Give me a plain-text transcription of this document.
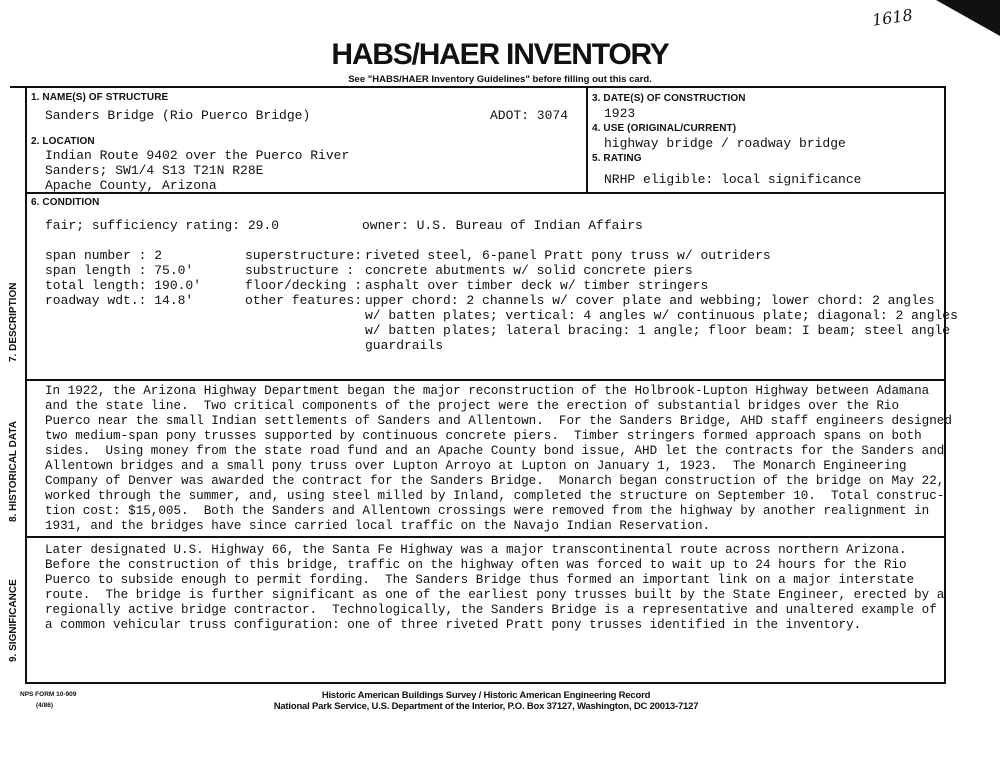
1618
HABS/HAER INVENTORY
See "HABS/HAER Inventory Guidelines" before filling out this card.
1. NAME(S) OF STRUCTURE
Sanders Bridge (Rio Puerco Bridge)	ADOT: 3074
2. LOCATION
Indian Route 9402 over the Puerco River
Sanders; SW1/4 S13 T21N R28E
Apache County, Arizona
3. DATE(S) OF CONSTRUCTION
1923
4. USE (ORIGINAL/CURRENT)
highway bridge / roadway bridge
5. RATING
NRHP eligible: local significance
6. CONDITION
fair; sufficiency rating: 29.0	owner: U.S. Bureau of Indian Affairs
7. DESCRIPTION
span number : 2
span length : 75.0'
total length: 190.0'
roadway wdt.: 14.8'
superstructure:
substructure :
floor/decking :
other features:
riveted steel, 6-panel Pratt pony truss w/ outriders
concrete abutments w/ solid concrete piers
asphalt over timber deck w/ timber stringers
upper chord: 2 channels w/ cover plate and webbing; lower chord: 2 angles
w/ batten plates; vertical: 4 angles w/ continuous plate; diagonal: 2 angles
w/ batten plates; lateral bracing: 1 angle; floor beam: I beam; steel angle
guardrails
8. HISTORICAL DATA
In 1922, the Arizona Highway Department began the major reconstruction of the Holbrook-Lupton Highway between Adamana
and the state line.  Two critical components of the project were the erection of substantial bridges over the Rio
Puerco near the small Indian settlements of Sanders and Allentown.  For the Sanders Bridge, AHD staff engineers designed
two medium-span pony trusses supported by continuous concrete piers.  Timber stringers formed approach spans on both
sides.  Using money from the state road fund and an Apache County bond issue, AHD let the contracts for the Sanders and
Allentown bridges and a small pony truss over Lupton Arroyo at Lupton on January 1, 1923.  The Monarch Engineering
Company of Denver was awarded the contract for the Sanders Bridge.  Monarch began construction of the bridge on May 22,
worked through the summer, and, using steel milled by Inland, completed the structure on September 10.  Total construc-
tion cost: $15,005.  Both the Sanders and Allentown crossings were removed from the highway by another realignment in
1931, and the bridges have since carried local traffic on the Navajo Indian Reservation.
9. SIGNIFICANCE
Later designated U.S. Highway 66, the Santa Fe Highway was a major transcontinental route across northern Arizona.
Before the construction of this bridge, traffic on the highway often was forced to wait up to 24 hours for the Rio
Puerco to subside enough to permit fording.  The Sanders Bridge thus formed an important link on a major interstate
route.  The bridge is further significant as one of the earliest pony trusses built by the State Engineer, erected by a
regionally active bridge contractor.  Technologically, the Sanders Bridge is a representative and unaltered example of
a common vehicular truss configuration: one of three riveted Pratt pony trusses identified in the inventory.
NPS FORM 10-909
(4/86)
Historic American Buildings Survey / Historic American Engineering Record
National Park Service, U.S. Department of the Interior, P.O. Box 37127, Washington, DC 20013-7127
